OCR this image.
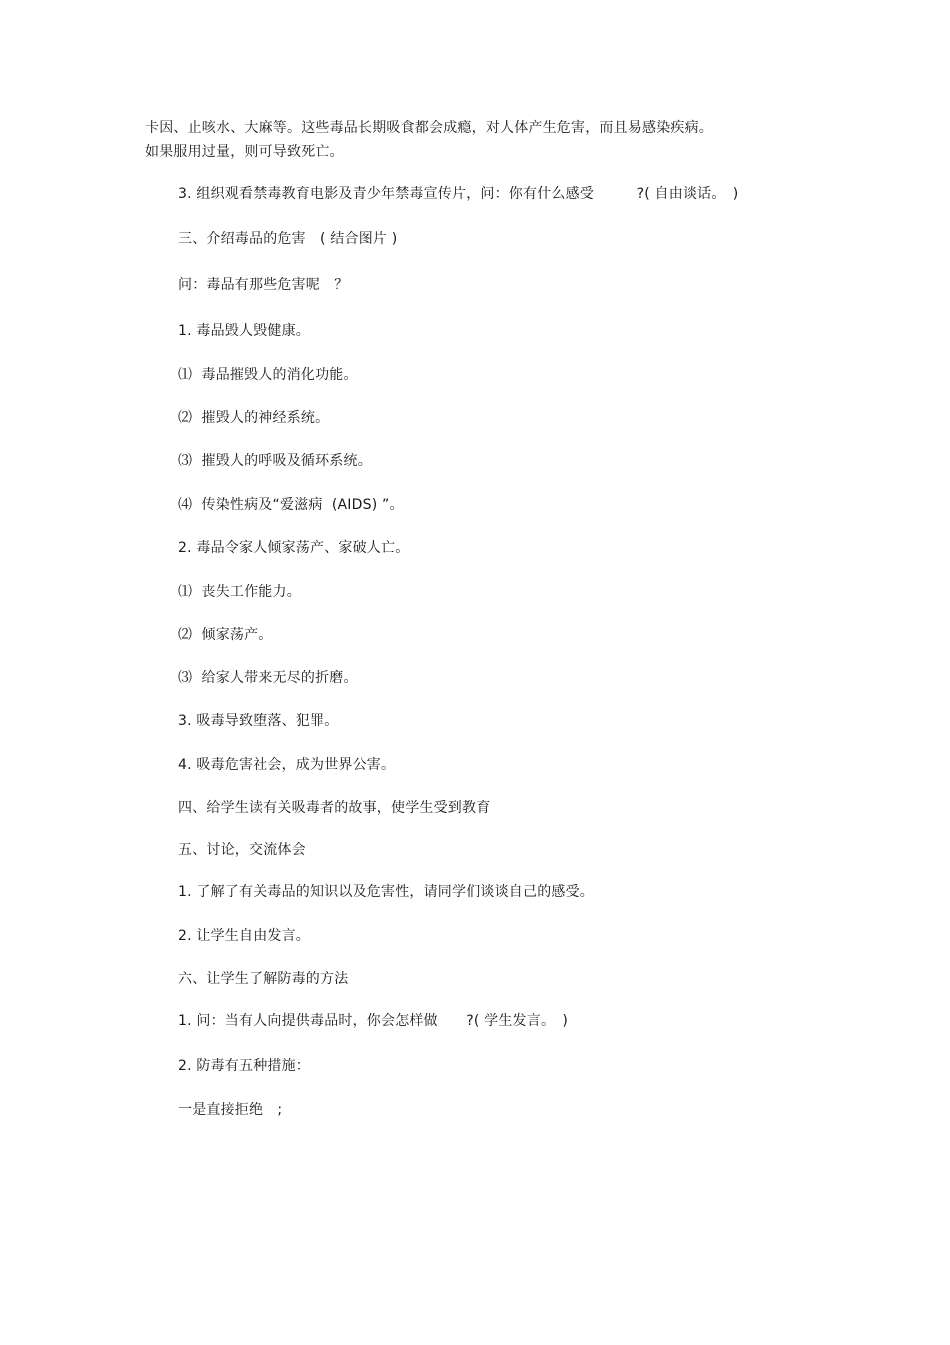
卡因、止咳水、大麻等。这些毒品长期吸食都会成瘾，对人体产生危害，而且易感染疾病。
如果服用过量，则可导致死亡。
3. 组织观看禁毒教育电影及青少年禁毒宣传片，问：你有什么感受　　　?( 自由谈话。　)
三、介绍毒品的危害　( 结合图片 )
问：毒品有那些危害呢　？
1. 毒品毁人毁健康。
⑴  毒品摧毁人的消化功能。
⑵  摧毁人的神经系统。
⑶  摧毁人的呼吸及循环系统。
⑷  传染性病及“爱滋病  (AIDS) ”。
2. 毒品令家人倾家荡产、家破人亡。
⑴  丧失工作能力。
⑵  倾家荡产。
⑶  给家人带来无尽的折磨。
3. 吸毒导致堕落、犯罪。
4. 吸毒危害社会，成为世界公害。
四、给学生读有关吸毒者的故事，使学生受到教育
五、讨论，交流体会
1. 了解了有关毒品的知识以及危害性，请同学们谈谈自己的感受。
2. 让学生自由发言。
六、让学生了解防毒的方法
1. 问：当有人向提供毒品时，你会怎样做　　?( 学生发言。　)
2. 防毒有五种措施：
一是直接拒绝　;
